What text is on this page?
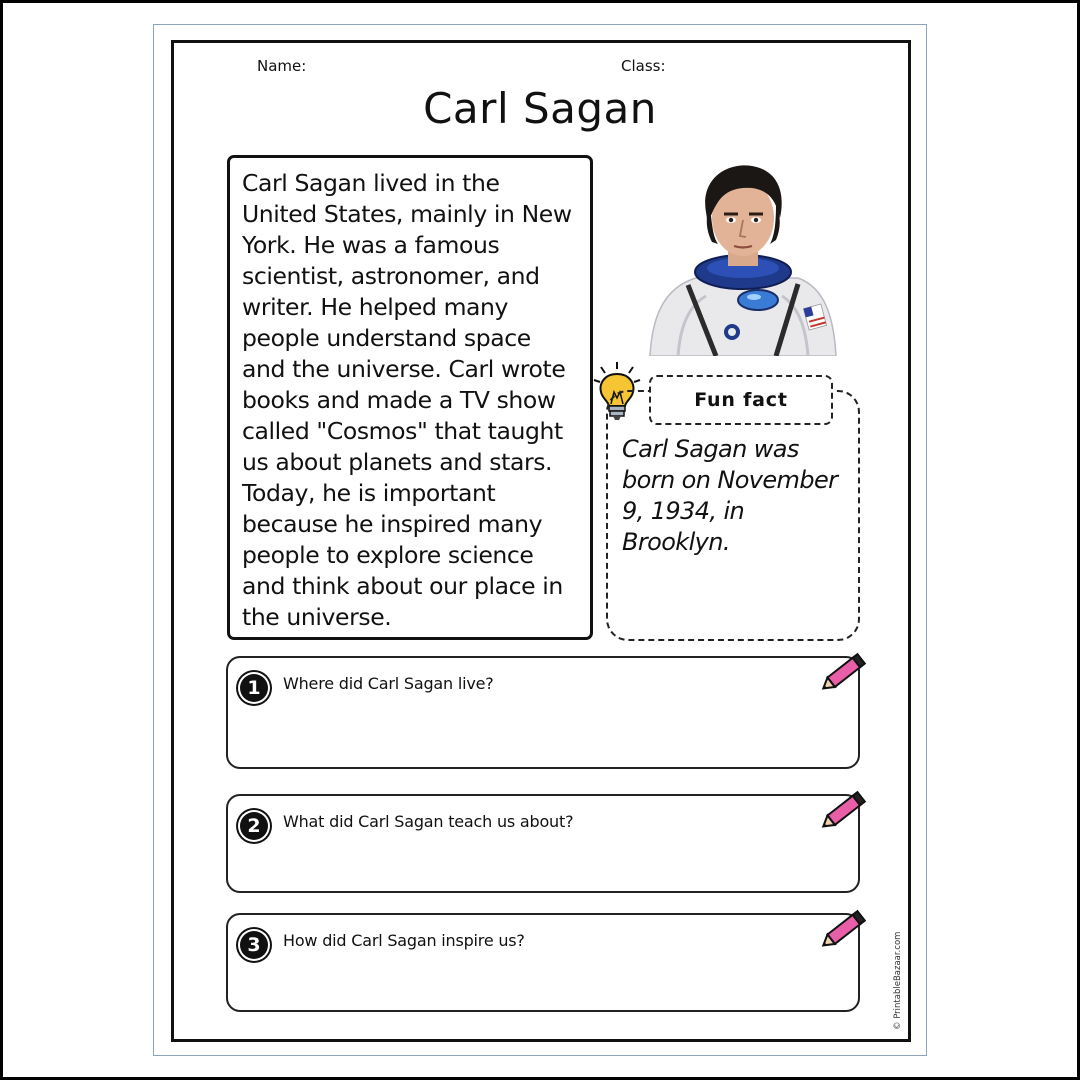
Name:	Class:
Carl Sagan

Carl Sagan lived in the United States, mainly in New York. He was a famous scientist, astronomer, and writer. He helped many people understand space and the universe. Carl wrote books and made a TV show called "Cosmos" that taught us about planets and stars. Today, he is important because he inspired many people to explore science and think about our place in the universe.

Fun fact

Carl Sagan was born on November 9, 1934, in Brooklyn.

1	Where did Carl Sagan live?
2	What did Carl Sagan teach us about?
3	How did Carl Sagan inspire us?	© PrintableBazaar.com
